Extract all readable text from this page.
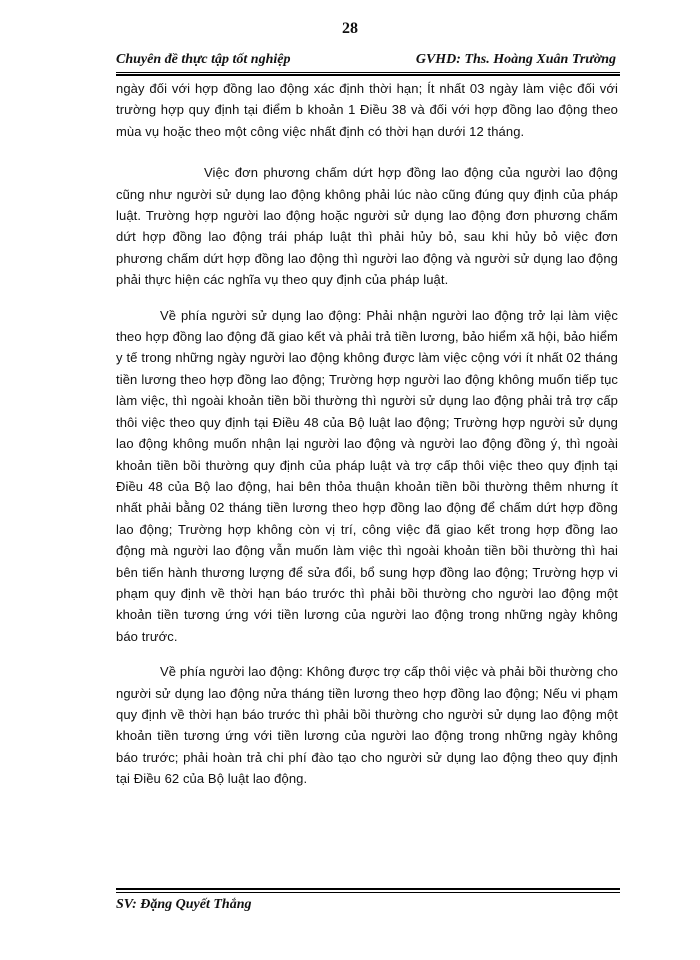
28
Chuyên đề thực tập tốt nghiệp	GVHD: Ths. Hoàng Xuân Trường

ngày đối với hợp đồng lao động xác định thời hạn; Ít nhất 03 ngày làm việc đối với trường hợp quy định tại điểm b khoản 1 Điều 38 và đối với hợp đồng lao động theo mùa vụ hoặc theo một công việc nhất định có thời hạn dưới 12 tháng.

Việc đơn phương chấm dứt hợp đồng lao động của người lao động cũng như người sử dụng lao động không phải lúc nào cũng đúng quy định của pháp luật. Trường hợp người lao động hoặc người sử dụng lao động đơn phương chấm dứt hợp đồng lao động trái pháp luật thì phải hủy bỏ, sau khi hủy bỏ việc đơn phương chấm dứt hợp đồng lao động thì người lao động và người sử dụng lao động phải thực hiện các nghĩa vụ theo quy định của pháp luật.

Về phía người sử dụng lao động: Phải nhận người lao động trở lại làm việc theo hợp đồng lao động đã giao kết và phải trả tiền lương, bảo hiểm xã hội, bảo hiểm y tế trong những ngày người lao động không được làm việc cộng với ít nhất 02 tháng tiền lương theo hợp đồng lao động; Trường hợp người lao động không muốn tiếp tục làm việc, thì ngoài khoản tiền bồi thường thì người sử dụng lao động phải trả trợ cấp thôi việc theo quy định tại Điều 48 của Bộ luật lao động; Trường hợp người sử dụng lao động không muốn nhận lại người lao động và người lao động đồng ý, thì ngoài khoản tiền bồi thường quy định của pháp luật và trợ cấp thôi việc theo quy định tại Điều 48 của Bộ lao động, hai bên thỏa thuận khoản tiền bồi thường thêm nhưng ít nhất phải bằng 02 tháng tiền lương theo hợp đồng lao động để chấm dứt hợp đồng lao động; Trường hợp không còn vị trí, công việc đã giao kết trong hợp đồng lao động mà người lao động vẫn muốn làm việc thì ngoài khoản tiền bồi thường thì hai bên tiến hành thương lượng để sửa đổi, bổ sung hợp đồng lao động; Trường hợp vi phạm quy định về thời hạn báo trước thì phải bồi thường cho người lao động một khoản tiền tương ứng với tiền lương của người lao động trong những ngày không báo trước.

Về phía người lao động: Không được trợ cấp thôi việc và phải bồi thường cho người sử dụng lao động nửa tháng tiền lương theo hợp đồng lao động; Nếu vi phạm quy định về thời hạn báo trước thì phải bồi thường cho người sử dụng lao động một khoản tiền tương ứng với tiền lương của người lao động trong những ngày không báo trước; phải hoàn trả chi phí đào tạo cho người sử dụng lao động theo quy định tại Điều 62 của Bộ luật lao động.

SV: Đặng Quyết Thắng
